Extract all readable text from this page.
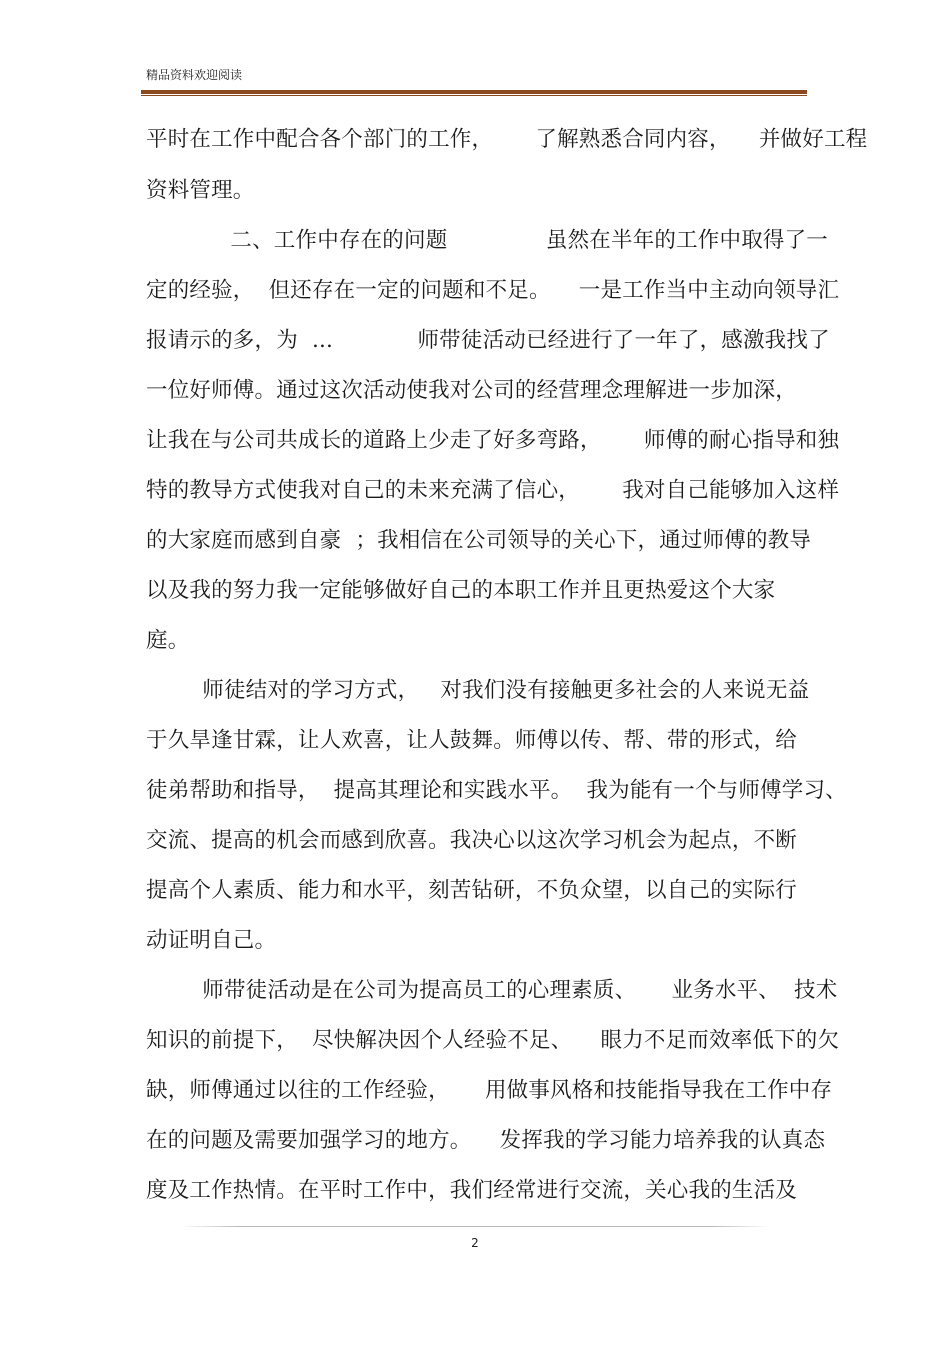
精品资料欢迎阅读
平时在工作中配合各个部门的工作，      了解熟悉合同内容，    并做好工程
资料管理。
二、工作中存在的问题              虽然在半年的工作中取得了一
定的经验，  但还存在一定的问题和不足。    一是工作当中主动向领导汇
报请示的多，为  ...            师带徒活动已经进行了一年了，感激我找了
一位好师傅。通过这次活动使我对公司的经营理念理解进一步加深，
让我在与公司共成长的道路上少走了好多弯路，      师傅的耐心指导和独
特的教导方式使我对自己的未来充满了信心，      我对自己能够加入这样
的大家庭而感到自豪  ；我相信在公司领导的关心下，通过师傅的教导
以及我的努力我一定能够做好自己的本职工作并且更热爱这个大家
庭。
师徒结对的学习方式，   对我们没有接触更多社会的人来说无益
于久旱逢甘霖，让人欢喜，让人鼓舞。师傅以传、帮、带的形式，给
徒弟帮助和指导，  提高其理论和实践水平。  我为能有一个与师傅学习、
交流、提高的机会而感到欣喜。我决心以这次学习机会为起点，不断
提高个人素质、能力和水平，刻苦钻研，不负众望，以自己的实际行
动证明自己。
师带徒活动是在公司为提高员工的心理素质、     业务水平、  技术
知识的前提下，  尽快解决因个人经验不足、    眼力不足而效率低下的欠
缺，师傅通过以往的工作经验，     用做事风格和技能指导我在工作中存
在的问题及需要加强学习的地方。    发挥我的学习能力培养我的认真态
度及工作热情。在平时工作中，我们经常进行交流，关心我的生活及
2
